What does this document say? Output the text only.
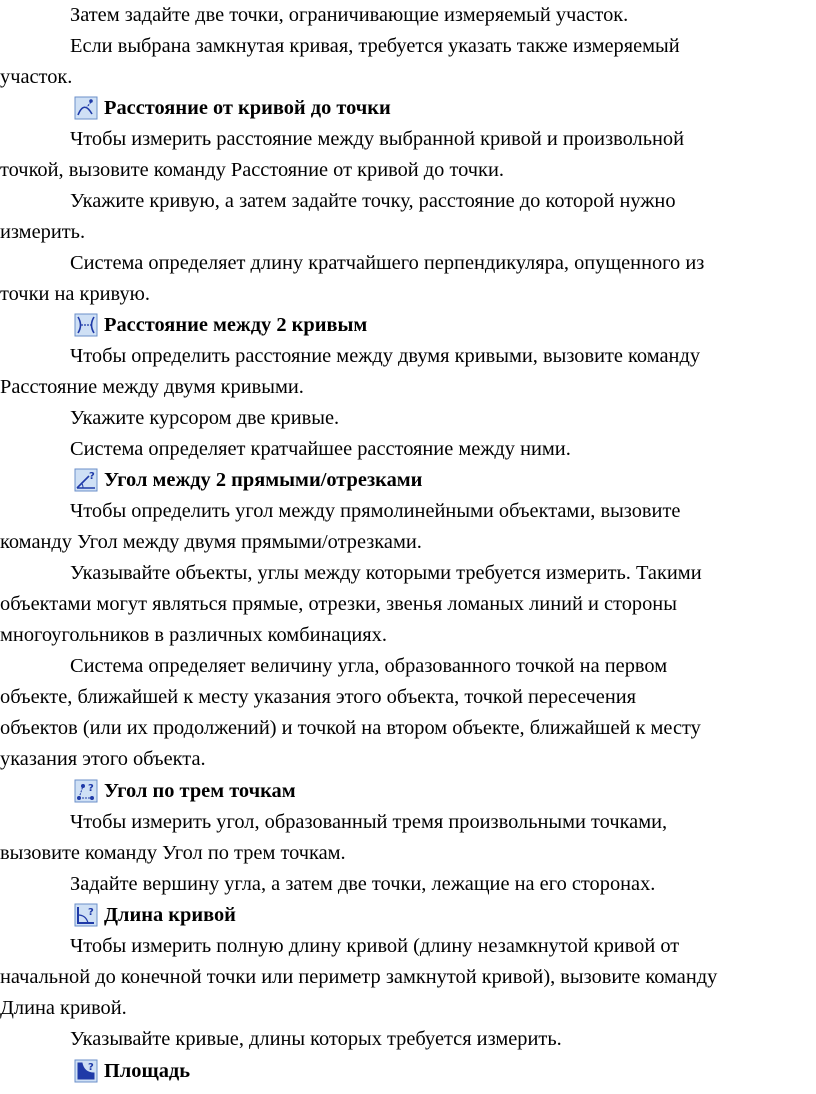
Затем задайте две точки, ограничивающие измеряемый участок.
Если выбрана замкнутая кривая, требуется указать также измеряемый
участок.
Расстояние от кривой до точки
Чтобы измерить расстояние между выбранной кривой и произвольной
точкой, вызовите команду Расстояние от кривой до точки.
Укажите кривую, а затем задайте точку, расстояние до которой нужно
измерить.
Система определяет длину кратчайшего перпендикуляра, опущенного из
точки на кривую.
Расстояние между 2 кривым
Чтобы определить расстояние между двумя кривыми, вызовите команду
Расстояние между двумя кривыми.
Укажите курсором две кривые.
Система определяет кратчайшее расстояние между ними.
? Угол между 2 прямыми/отрезками
Чтобы определить угол между прямолинейными объектами, вызовите
команду Угол между двумя прямыми/отрезками.
Указывайте объекты, углы между которыми требуется измерить. Такими
объектами могут являться прямые, отрезки, звенья ломаных линий и стороны
многоугольников в различных комбинациях.
Система определяет величину угла, образованного точкой на первом
объекте, ближайшей к месту указания этого объекта, точкой пересечения
объектов (или их продолжений) и точкой на втором объекте, ближайшей к месту
указания этого объекта.
? Угол по трем точкам
Чтобы измерить угол, образованный тремя произвольными точками,
вызовите команду Угол по трем точкам.
Задайте вершину угла, а затем две точки, лежащие на его сторонах.
? Длина кривой
Чтобы измерить полную длину кривой (длину незамкнутой кривой от
начальной до конечной точки или периметр замкнутой кривой), вызовите команду
Длина кривой.
Указывайте кривые, длины которых требуется измерить.
? Площадь
